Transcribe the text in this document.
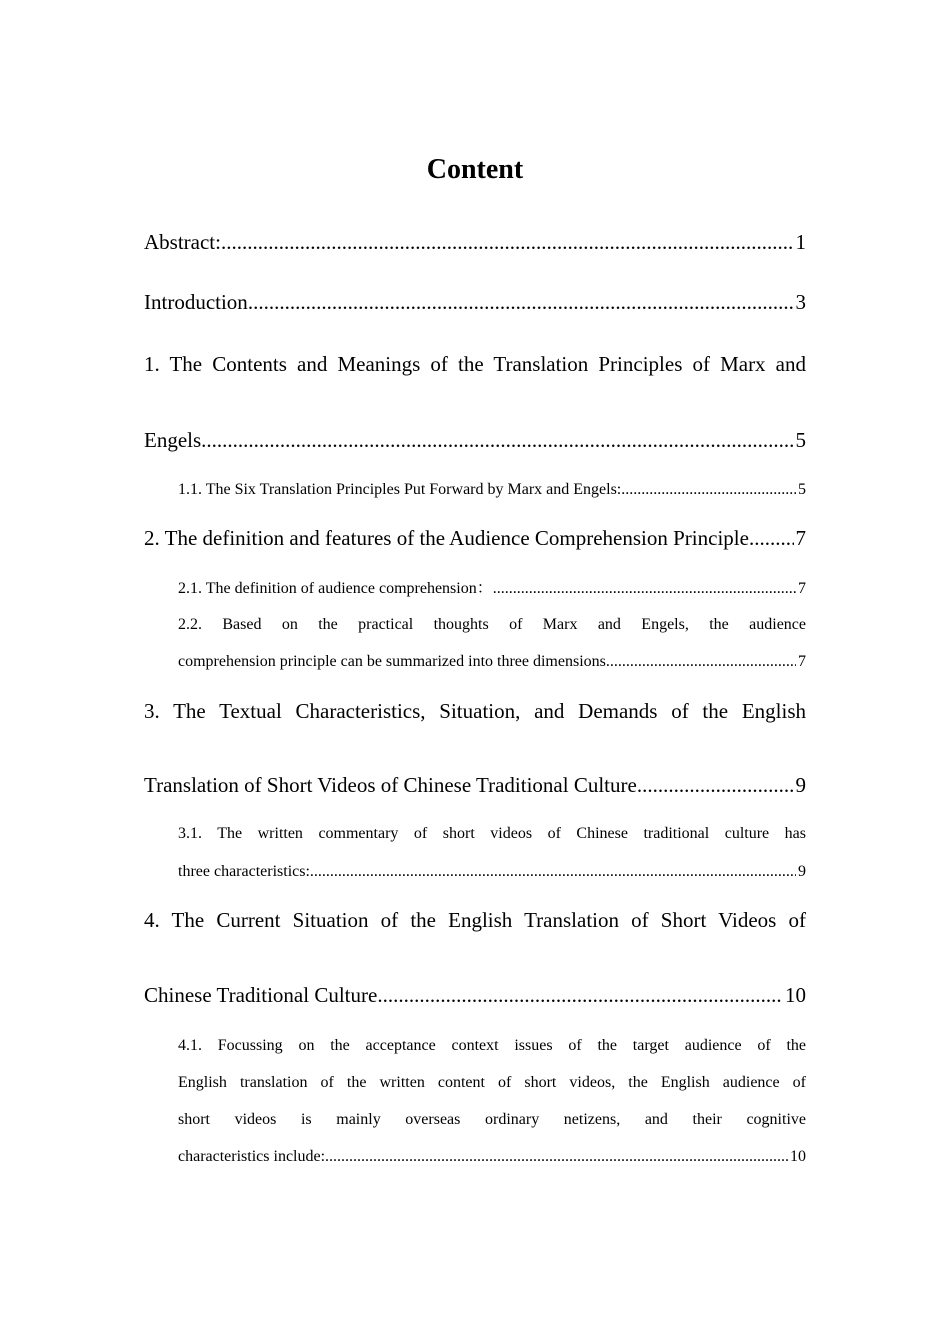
Content
Abstract: .....	1
Introduction .....	3
1. The Contents and Meanings of the Translation Principles of Marx and
Engels .....	5
1.1. The Six Translation Principles Put Forward by Marx and Engels: .....	5
2. The definition and features of the Audience Comprehension Principle ..... 7
2.1. The definition of audience comprehension： .....	7
2.2. Based on the practical thoughts of Marx and Engels, the audience
comprehension principle can be summarized into three dimensions .....	7
3. The Textual Characteristics, Situation, and Demands of the English
Translation of Short Videos of Chinese Traditional Culture .....	9
3.1. The written commentary of short videos of Chinese traditional culture has
three characteristics: .....	9
4. The Current Situation of the English Translation of Short Videos of
Chinese Traditional Culture .....	10
4.1. Focussing on the acceptance context issues of the target audience of the
English translation of the written content of short videos, the English audience of
short videos is mainly overseas ordinary netizens, and their cognitive
characteristics include: .....	10
